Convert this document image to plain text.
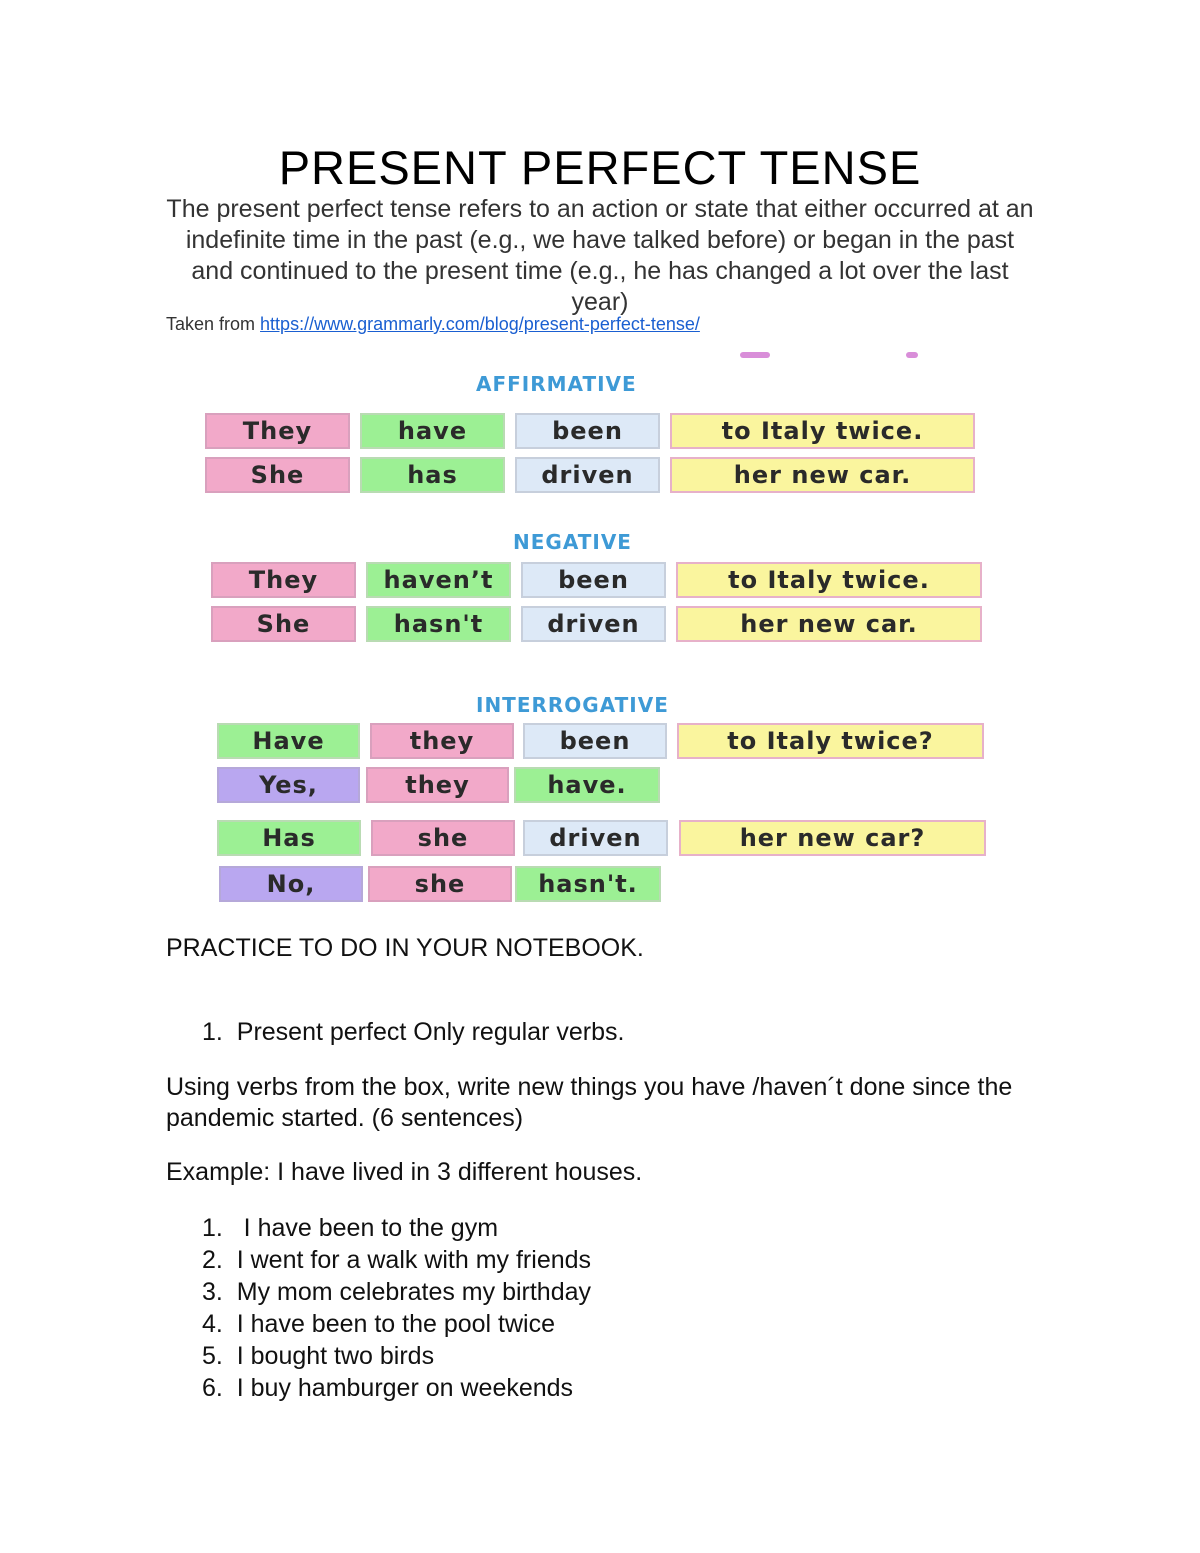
PRESENT PERFECT TENSE
The present perfect tense refers to an action or state that either occurred at an indefinite time in the past (e.g., we have talked before) or began in the past and continued to the present time (e.g., he has changed a lot over the last year)
Taken from https://www.grammarly.com/blog/present-perfect-tense/
AFFIRMATIVE
They	have	been	to Italy twice.
She	has	driven	her new car.
NEGATIVE
They	haven’t	been	to Italy twice.
She	hasn't	driven	her new car.
INTERROGATIVE
Have	they	been	to Italy twice?
Yes,	they	have.
Has	she	driven	her new car?
No,	she	hasn't.
PRACTICE TO DO IN YOUR NOTEBOOK.
1. Present perfect Only regular verbs.
Using verbs from the box, write new things you have /haven´t done since the pandemic started. (6 sentences)
Example: I have lived in 3 different houses.
1.   I have been to the gym
2.  I went for a walk with my friends
3.  My mom celebrates my birthday
4.  I have been to the pool twice
5.  I bought two birds
6.  I buy hamburger on weekends
